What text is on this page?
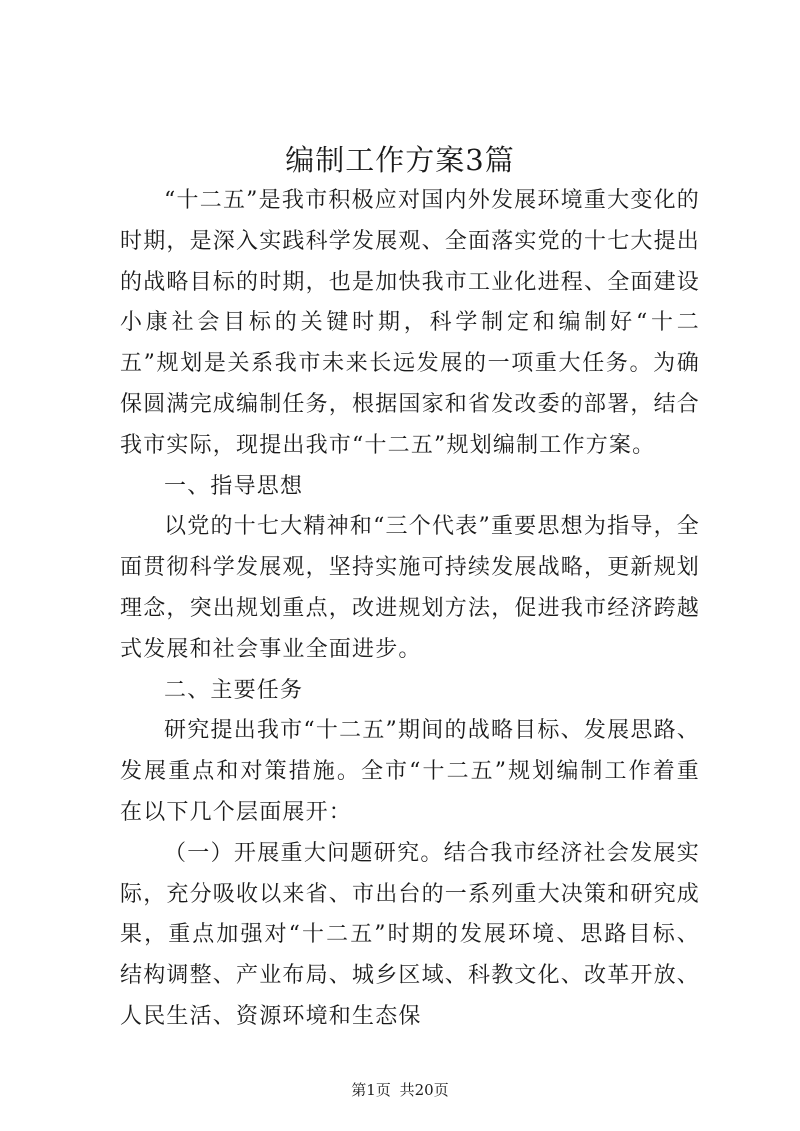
编制工作方案3篇

“十二五”是我市积极应对国内外发展环境重大变化的时期，是深入实践科学发展观、全面落实党的十七大提出的战略目标的时期，也是加快我市工业化进程、全面建设小康社会目标的关键时期，科学制定和编制好“十二五”规划是关系我市未来长远发展的一项重大任务。为确保圆满完成编制任务，根据国家和省发改委的部署，结合我市实际，现提出我市“十二五”规划编制工作方案。

一、指导思想

以党的十七大精神和“三个代表”重要思想为指导，全面贯彻科学发展观，坚持实施可持续发展战略，更新规划理念，突出规划重点，改进规划方法，促进我市经济跨越式发展和社会事业全面进步。

二、主要任务

研究提出我市“十二五”期间的战略目标、发展思路、发展重点和对策措施。全市“十二五”规划编制工作着重在以下几个层面展开：

（一）开展重大问题研究。结合我市经济社会发展实际，充分吸收以来省、市出台的一系列重大决策和研究成果，重点加强对“十二五”时期的发展环境、思路目标、结构调整、产业布局、城乡区域、科教文化、改革开放、人民生活、资源环境和生态保

第1页 共20页
